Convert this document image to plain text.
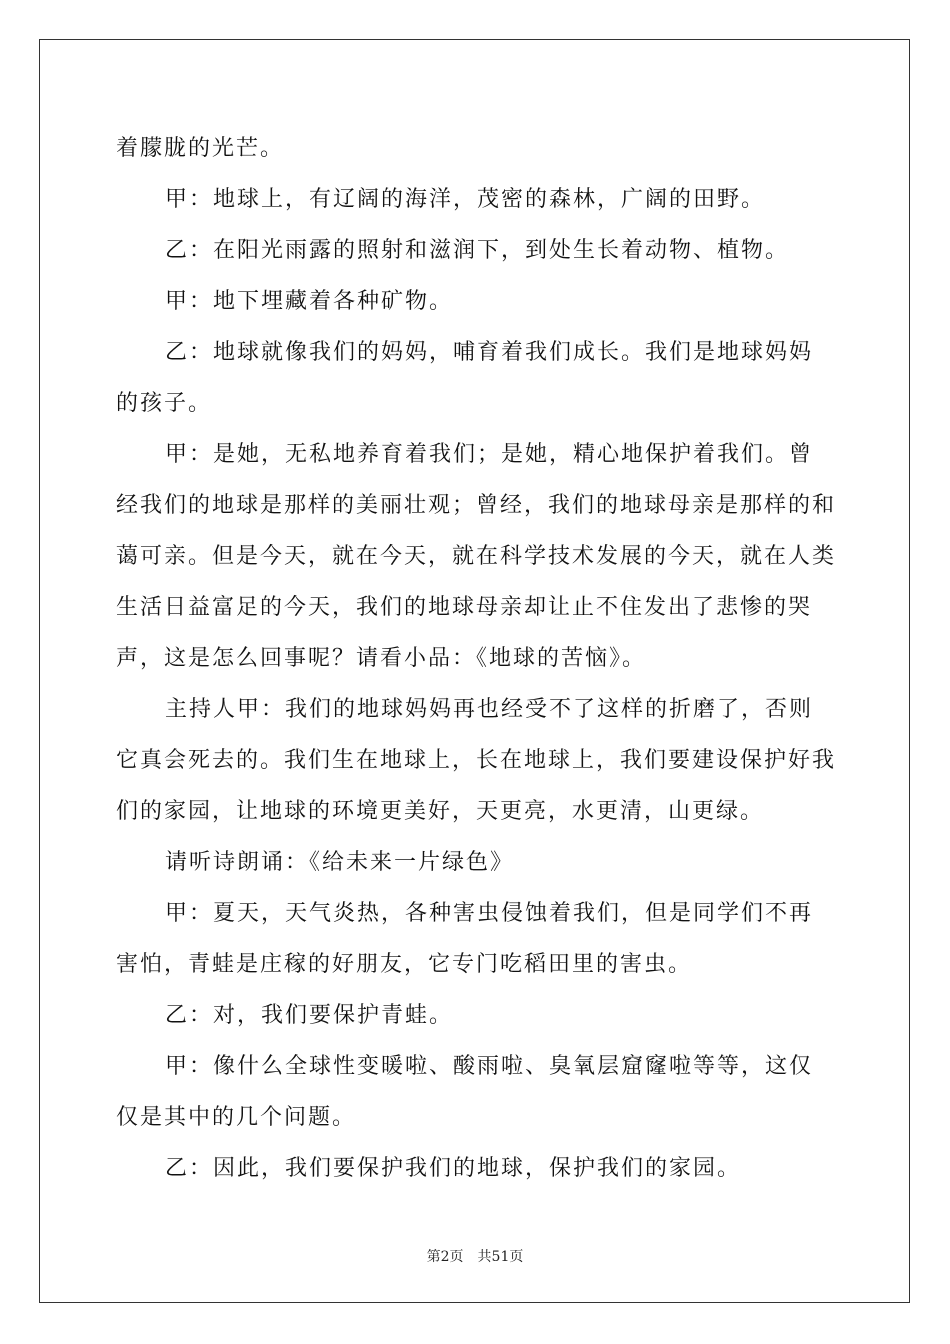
着朦胧的光芒。

甲：地球上，有辽阔的海洋，茂密的森林，广阔的田野。

乙：在阳光雨露的照射和滋润下，到处生长着动物、植物。

甲：地下埋藏着各种矿物。

乙：地球就像我们的妈妈，哺育着我们成长。我们是地球妈妈的孩子。

甲：是她，无私地养育着我们；是她，精心地保护着我们。曾经我们的地球是那样的美丽壮观；曾经，我们的地球母亲是那样的和蔼可亲。但是今天，就在今天，就在科学技术发展的今天，就在人类生活日益富足的今天，我们的地球母亲却让止不住发出了悲惨的哭声，这是怎么回事呢？请看小品：《地球的苦恼》。

主持人甲：我们的地球妈妈再也经受不了这样的折磨了，否则它真会死去的。我们生在地球上，长在地球上，我们要建设保护好我们的家园，让地球的环境更美好，天更亮，水更清，山更绿。

请听诗朗诵：《给未来一片绿色》

甲：夏天，天气炎热，各种害虫侵蚀着我们，但是同学们不再害怕，青蛙是庄稼的好朋友，它专门吃稻田里的害虫。

乙：对，我们要保护青蛙。

甲：像什么全球性变暖啦、酸雨啦、臭氧层窟窿啦等等，这仅仅是其中的几个问题。

乙：因此，我们要保护我们的地球，保护我们的家园。

第2页 共51页
